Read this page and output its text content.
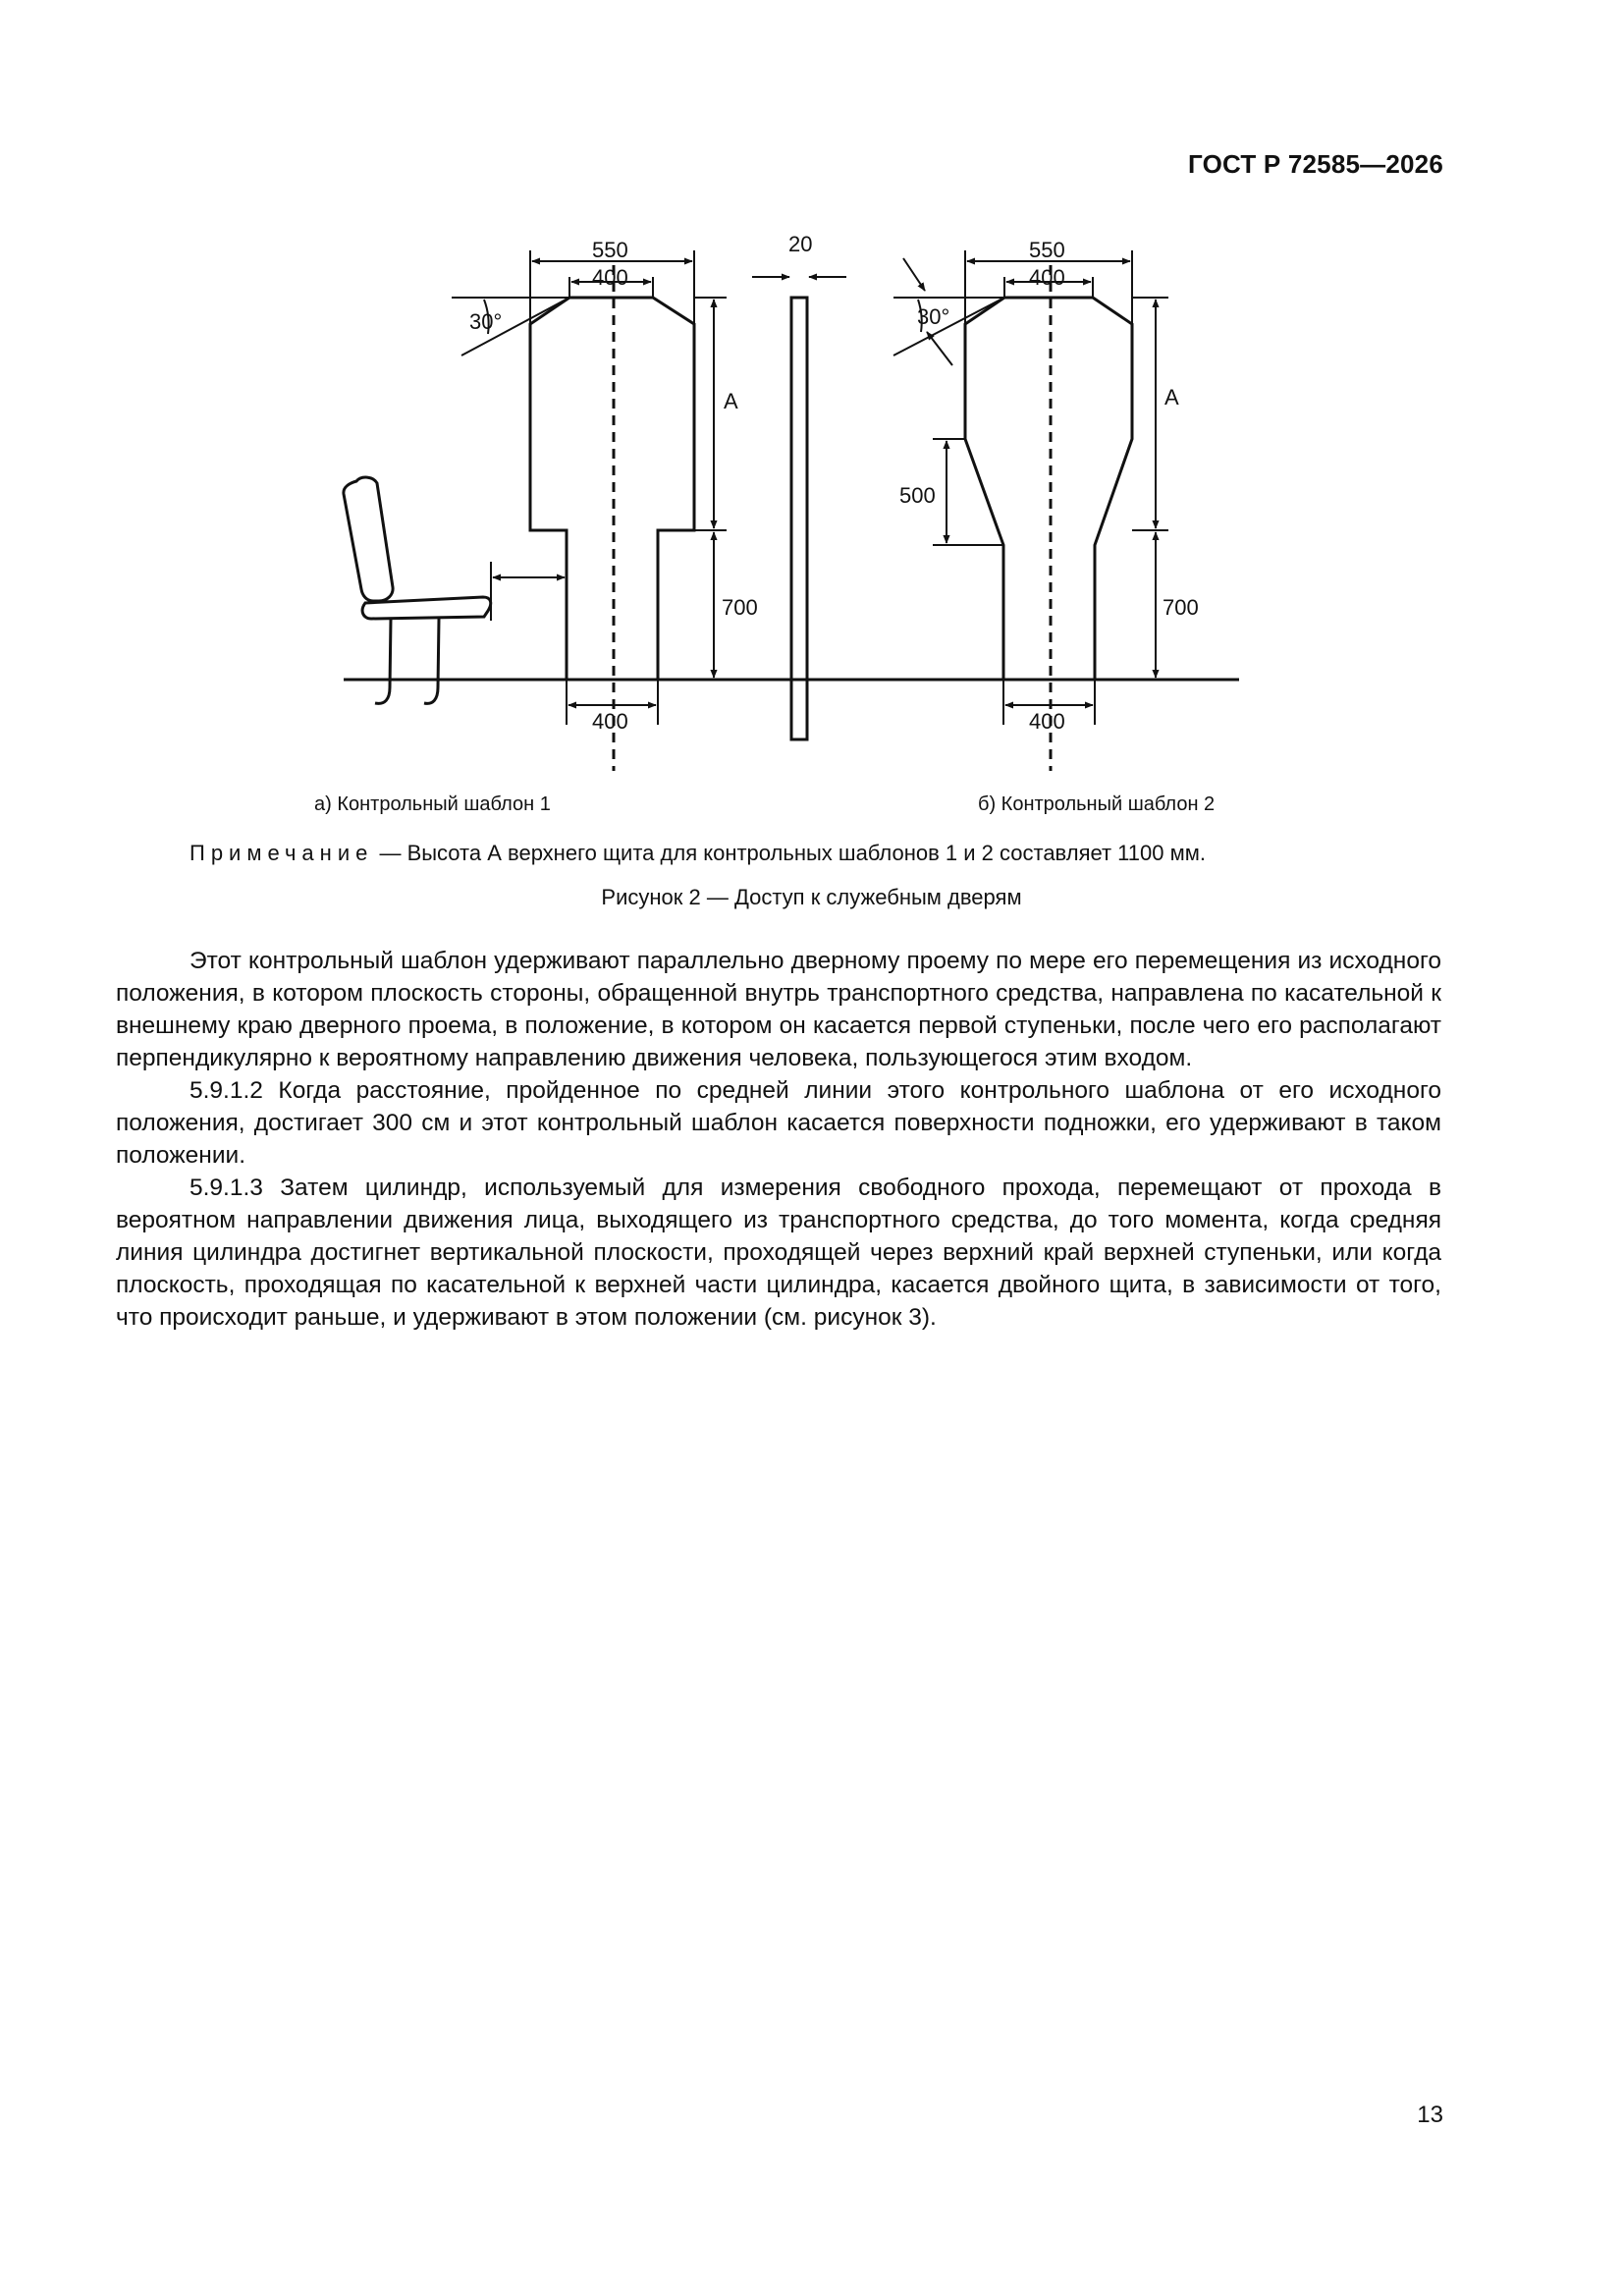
ГОСТ Р 72585—2026
550
400
30°
A
700
400
20	550
400
30°
A
500
700
400
а) Контрольный шаблон 1	б) Контрольный шаблон 2
Примечание — Высота А верхнего щита для контрольных шаблонов 1 и 2 составляет 1100 мм.
Рисунок 2 — Доступ к служебным дверям

Этот контрольный шаблон удерживают параллельно дверному проему по мере его перемещения из исходного положения, в котором плоскость стороны, обращенной внутрь транспортного средства, направлена по касательной к внешнему краю дверного проема, в положение, в котором он касается первой ступеньки, после чего его располагают перпендикулярно к вероятному направлению движения человека, пользующегося этим входом.

5.9.1.2 Когда расстояние, пройденное по средней линии этого контрольного шаблона от его исходного положения, достигает 300 см и этот контрольный шаблон касается поверхности подножки, его удерживают в таком положении.

5.9.1.3 Затем цилиндр, используемый для измерения свободного прохода, перемещают от прохода в вероятном направлении движения лица, выходящего из транспортного средства, до того момента, когда средняя линия цилиндра достигнет вертикальной плоскости, проходящей через верхний край верхней ступеньки, или когда плоскость, проходящая по касательной к верхней части цилиндра, касается двойного щита, в зависимости от того, что происходит раньше, и удерживают в этом положении (см. рисунок 3).

13
